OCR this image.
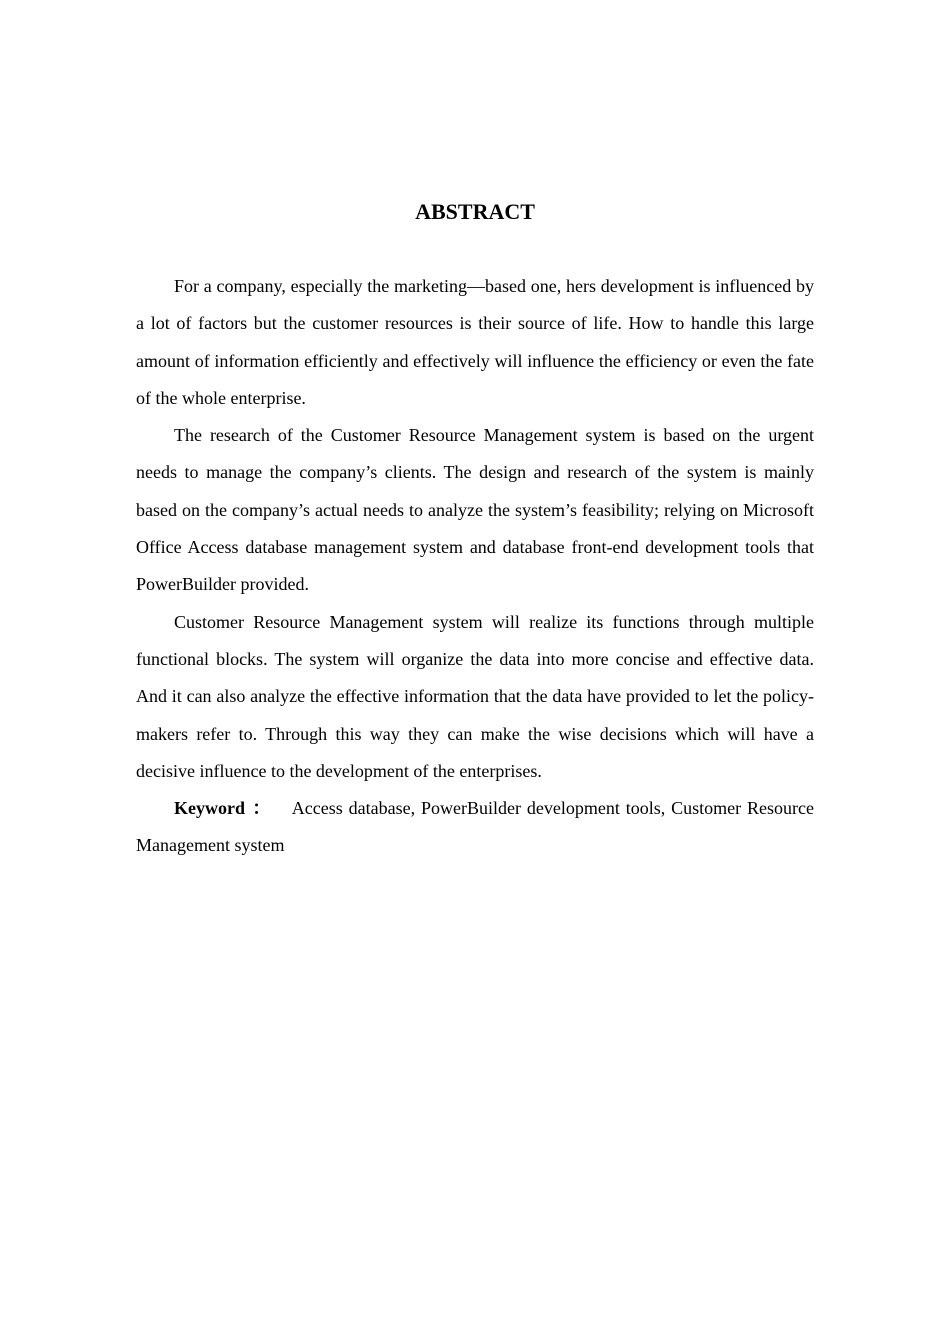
ABSTRACT

For a company, especially the marketing—based one, hers development is influenced by a lot of factors but the customer resources is their source of life. How to handle this large amount of information efficiently and effectively will influence the efficiency or even the fate of the whole enterprise.

The research of the Customer Resource Management system is based on the urgent needs to manage the company’s clients. The design and research of the system is mainly based on the company’s actual needs to analyze the system’s feasibility; relying on Microsoft Office Access database management system and database front-end development tools that PowerBuilder provided.

Customer Resource Management system will realize its functions through multiple functional blocks. The system will organize the data into more concise and effective data. And it can also analyze the effective information that the data have provided to let the policy-makers refer to. Through this way they can make the wise decisions which will have a decisive influence to the development of the enterprises.

Keyword ： Access database, PowerBuilder development tools, Customer Resource Management system
